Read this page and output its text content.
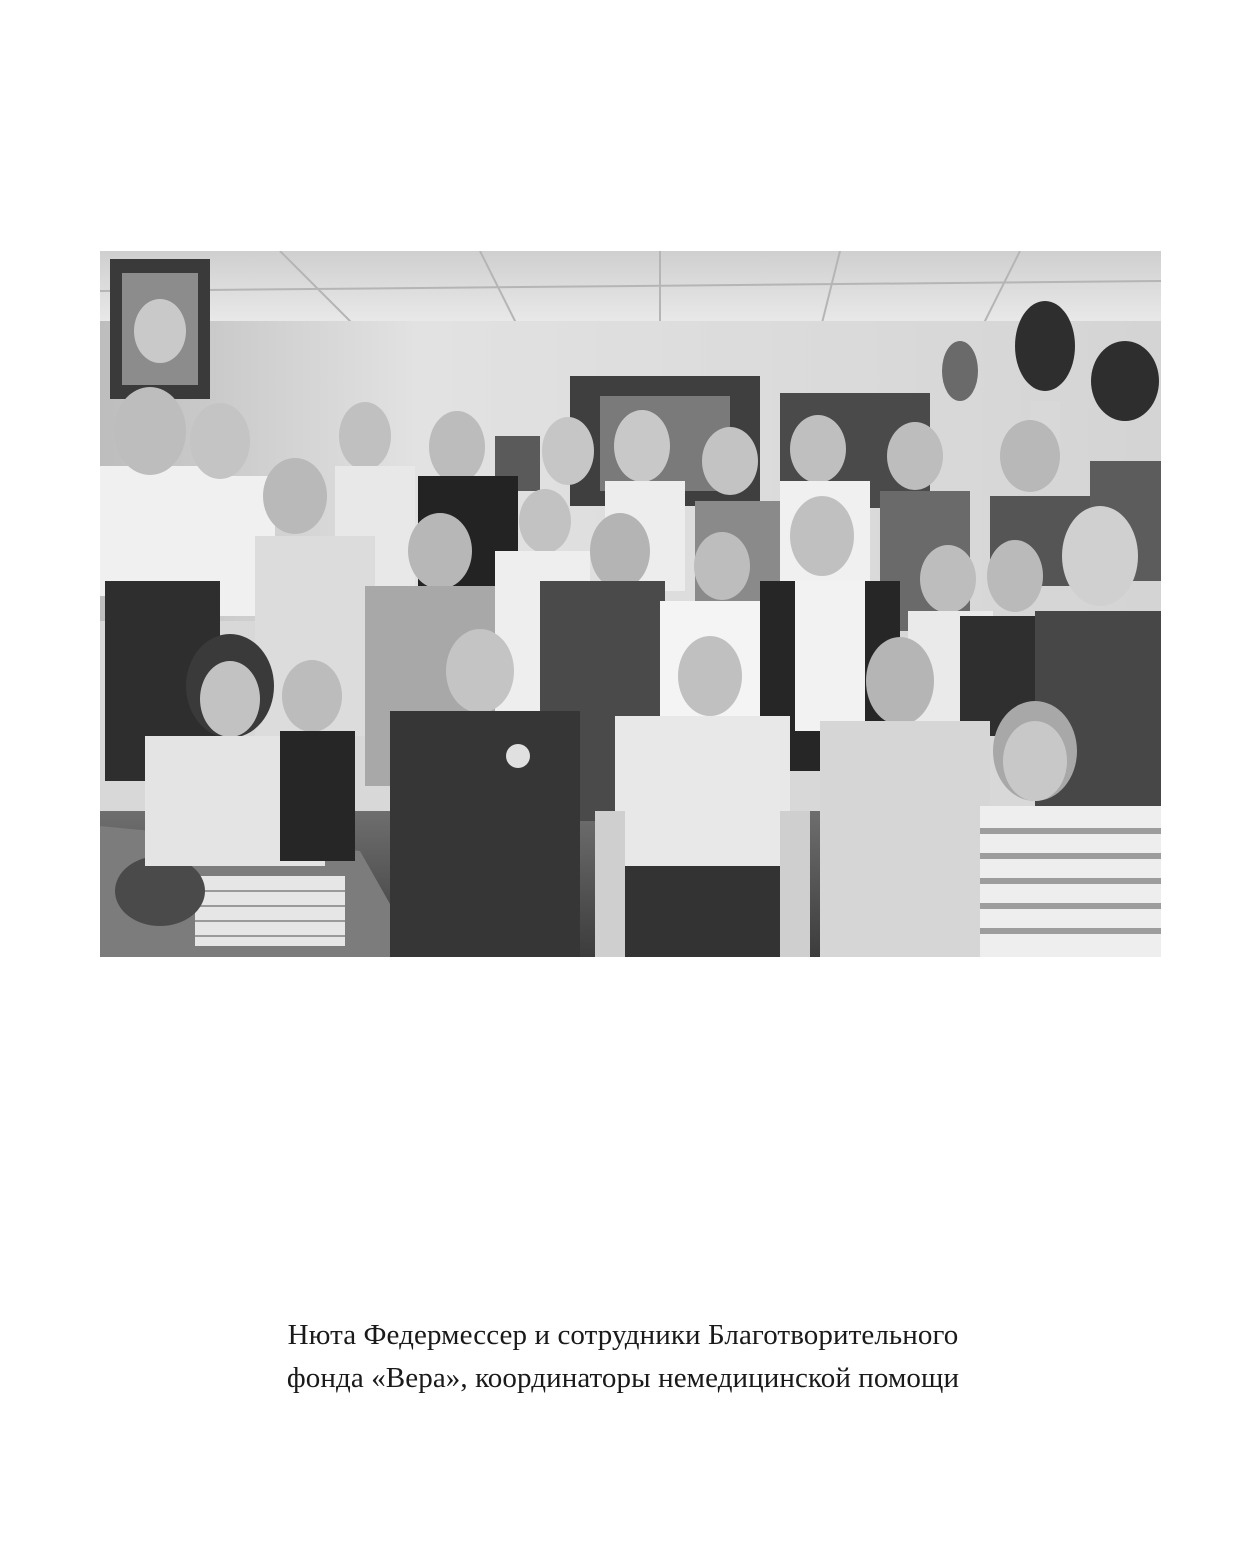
Нюта Федермессер и сотрудники Благотворительного
фонда «Вера», координаторы немедицинской помощи
